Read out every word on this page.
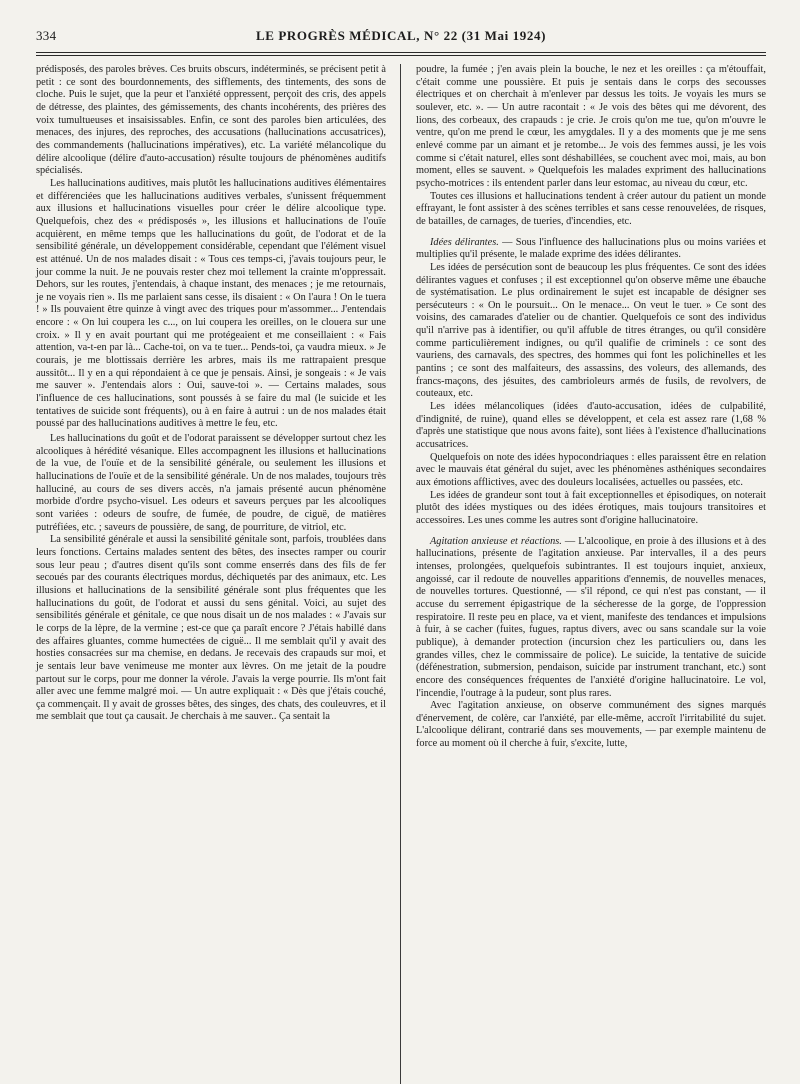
334	LE PROGRÈS MÉDICAL, N° 22 (31 Mai 1924)

prédisposés, des paroles brèves. Ces bruits obscurs, indéterminés, se précisent petit à petit : ce sont des bourdonnements, des sifflements, des tintements, des sons de cloche. Puis le sujet, que la peur et l'anxiété oppressent, perçoit des cris, des appels de détresse, des plaintes, des gémissements, des chants incohérents, des prières des voix tumultueuses et insaisissables. Enfin, ce sont des paroles bien articulées, des menaces, des injures, des reproches, des accusations (hallucinations accusatrices), des commandements (hallucinations impératives), etc. La variété mélancolique du délire alcoolique (délire d'auto-accusation) résulte toujours de phénomènes auditifs spécialisés.

Les hallucinations auditives, mais plutôt les hallucinations auditives élémentaires et différenciées que les hallucinations auditives verbales, s'unissent fréquemment aux illusions et hallucinations visuelles pour créer le délire alcoolique type. Quelquefois, chez des « prédisposés », les illusions et hallucinations de l'ouïe acquièrent, en même temps que les hallucinations du goût, de l'odorat et de la sensibilité générale, un développement considérable, cependant que l'élément visuel est atténué. Un de nos malades disait : « Tous ces temps-ci, j'avais toujours peur, le jour comme la nuit. Je ne pouvais rester chez moi tellement la crainte m'oppressait. Dehors, sur les routes, j'entendais, à chaque instant, des menaces ; je me retournais, je ne voyais rien ». Ils me parlaient sans cesse, ils disaient : « On l'aura ! On le tuera ! » Ils pouvaient être quinze à vingt avec des triques pour m'assommer... J'entendais encore : « On lui coupera les c..., on lui coupera les oreilles, on le clouera sur une croix. » Il y en avait pourtant qui me protégeaient et me conseillaient : « Fais attention, va-t-en par là... Cache-toi, on va te tuer... Pends-toi, ça vaudra mieux. » Je courais, je me blottissais derrière les arbres, mais ils me rattrapaient presque aussitôt... Il y en a qui répondaient à ce que je pensais. Ainsi, je songeais : « Je vais me sauver ». J'entendais alors : Oui, sauve-toi ». — Certains malades, sous l'influence de ces hallucinations, sont poussés à se faire du mal (le suicide et les tentatives de suicide sont fréquents), ou à en faire à autrui : un de nos malades était poussé par des hallucinations auditives à mettre le feu, etc.

Les hallucinations du goût et de l'odorat paraissent se développer surtout chez les alcooliques à hérédité vésanique. Elles accompagnent les illusions et hallucinations de la vue, de l'ouïe et de la sensibilité générale, ou seulement les illusions et hallucinations de l'ouïe et de la sensibilité générale. Un de nos malades, toujours très halluciné, au cours de ses divers accès, n'a jamais présenté aucun phénomène morbide d'ordre psycho-visuel. Les odeurs et saveurs perçues par les alcooliques sont variées : odeurs de soufre, de fumée, de poudre, de ciguë, de matières putréfiées, etc. ; saveurs de poussière, de sang, de pourriture, de vitriol, etc.

La sensibilité générale et aussi la sensibilité génitale sont, parfois, troublées dans leurs fonctions. Certains malades sentent des bêtes, des insectes ramper ou courir sous leur peau ; d'autres disent qu'ils sont comme enserrés dans des fils de fer secoués par des courants électriques mordus, déchiquetés par des animaux, etc. Les illusions et hallucinations de la sensibilité générale sont plus fréquentes que les hallucinations du goût, de l'odorat et aussi du sens génital. Voici, au sujet des sensibilités générale et génitale, ce que nous disait un de nos malades : « J'avais sur le corps de la lèpre, de la vermine ; est-ce que ça paraît encore ? J'étais habillé dans des affaires gluantes, comme humectées de ciguë... Il me semblait qu'il y avait des hosties consacrées sur ma chemise, en dedans. Je recevais des crapauds sur moi, et je sentais leur bave venimeuse me monter aux lèvres. On me jetait de la poudre partout sur le corps, pour me donner la vérole. J'avais la verge pourrie. Ils m'ont fait aller avec une femme malgré moi. — Un autre expliquait : « Dès que j'étais couché, ça commençait. Il y avait de grosses bêtes, des singes, des chats, des couleuvres, et il me semblait que tout ça causait. Je cherchais à me sauver.. Ça sentait la

poudre, la fumée ; j'en avais plein la bouche, le nez et les oreilles : ça m'étouffait, c'était comme une poussière. Et puis je sentais dans le corps des secousses électriques et on cherchait à m'enlever par dessus les toits. Je voyais les murs se soulever, etc. ». — Un autre racontait : « Je vois des bêtes qui me dévorent, des lions, des corbeaux, des crapauds : je crie. Je crois qu'on me tue, qu'on m'ouvre le ventre, qu'on me prend le cœur, les amygdales. Il y a des moments que je me sens enlevé comme par un aimant et je retombe... Je vois des femmes aussi, je les vois comme si c'était naturel, elles sont déshabillées, se couchent avec moi, mais, au bon moment, elles se sauvent. » Quelquefois les malades expriment des hallucinations psycho-motrices : ils entendent parler dans leur estomac, au niveau du cœur, etc.

Toutes ces illusions et hallucinations tendent à créer autour du patient un monde effrayant, le font assister à des scènes terribles et sans cesse renouvelées, de risques, de batailles, de carnages, de tueries, d'incendies, etc.

Idées délirantes. — Sous l'influence des hallucinations plus ou moins variées et multiplies qu'il présente, le malade exprime des idées délirantes.

Les idées de persécution sont de beaucoup les plus fréquentes. Ce sont des idées délirantes vagues et confuses ; il est exceptionnel qu'on observe même une ébauche de systématisation. Le plus ordinairement le sujet est incapable de désigner ses persécuteurs : « On le poursuit... On le menace... On veut le tuer. » Ce sont des voisins, des camarades d'atelier ou de chantier. Quelquefois ce sont des individus qu'il n'arrive pas à identifier, ou qu'il affuble de titres étranges, ou qu'il considère comme particulièrement indignes, ou qu'il qualifie de criminels : ce sont des vauriens, des carnavals, des spectres, des hommes qui font les polichinelles et les pantins ; ce sont des malfaiteurs, des assassins, des voleurs, des allemands, des francs-maçons, des jésuites, des cambrioleurs armés de fusils, de revolvers, de couteaux, etc.

Les idées mélancoliques (idées d'auto-accusation, idées de culpabilité, d'indignité, de ruine), quand elles se développent, et cela est assez rare (1,68 % d'après une statistique que nous avons faite), sont liées à l'existence d'hallucinations accusatrices.

Quelquefois on note des idées hypocondriaques : elles paraissent être en relation avec le mauvais état général du sujet, avec les phénomènes asthéniques secondaires aux émotions afflictives, avec des douleurs localisées, actuelles ou passées, etc.

Les idées de grandeur sont tout à fait exceptionnelles et épisodiques, on noterait plutôt des idées mystiques ou des idées érotiques, mais toujours transitoires et accessoires. Les unes comme les autres sont d'origine hallucinatoire.

Agitation anxieuse et réactions. — L'alcoolique, en proie à des illusions et à des hallucinations, présente de l'agitation anxieuse. Par intervalles, il a des peurs intenses, prolongées, quelquefois subintrantes. Il est toujours inquiet, anxieux, angoissé, car il redoute de nouvelles apparitions d'ennemis, de nouvelles menaces, de nouvelles tortures. Questionné, — s'il répond, ce qui n'est pas constant, — il accuse du serrement épigastrique de la sécheresse de la gorge, de l'oppression respiratoire. Il reste peu en place, va et vient, manifeste des tendances et impulsions à fuir, à se cacher (fuites, fugues, raptus divers, avec ou sans scandale sur la voie publique), à demander protection (incursion chez les particuliers ou, dans les grandes villes, chez le commissaire de police). Le suicide, la tentative de suicide (défénestration, submersion, pendaison, suicide par instrument tranchant, etc.) sont encore des conséquences fréquentes de l'anxiété d'origine hallucinatoire. Le vol, l'incendie, l'outrage à la pudeur, sont plus rares.

Avec l'agitation anxieuse, on observe communément des signes marqués d'énervement, de colère, car l'anxiété, par elle-même, accroît l'irritabilité du sujet. L'alcoolique délirant, contrarié dans ses mouvements, — par exemple maintenu de force au moment où il cherche à fuir, s'excite, lutte,
